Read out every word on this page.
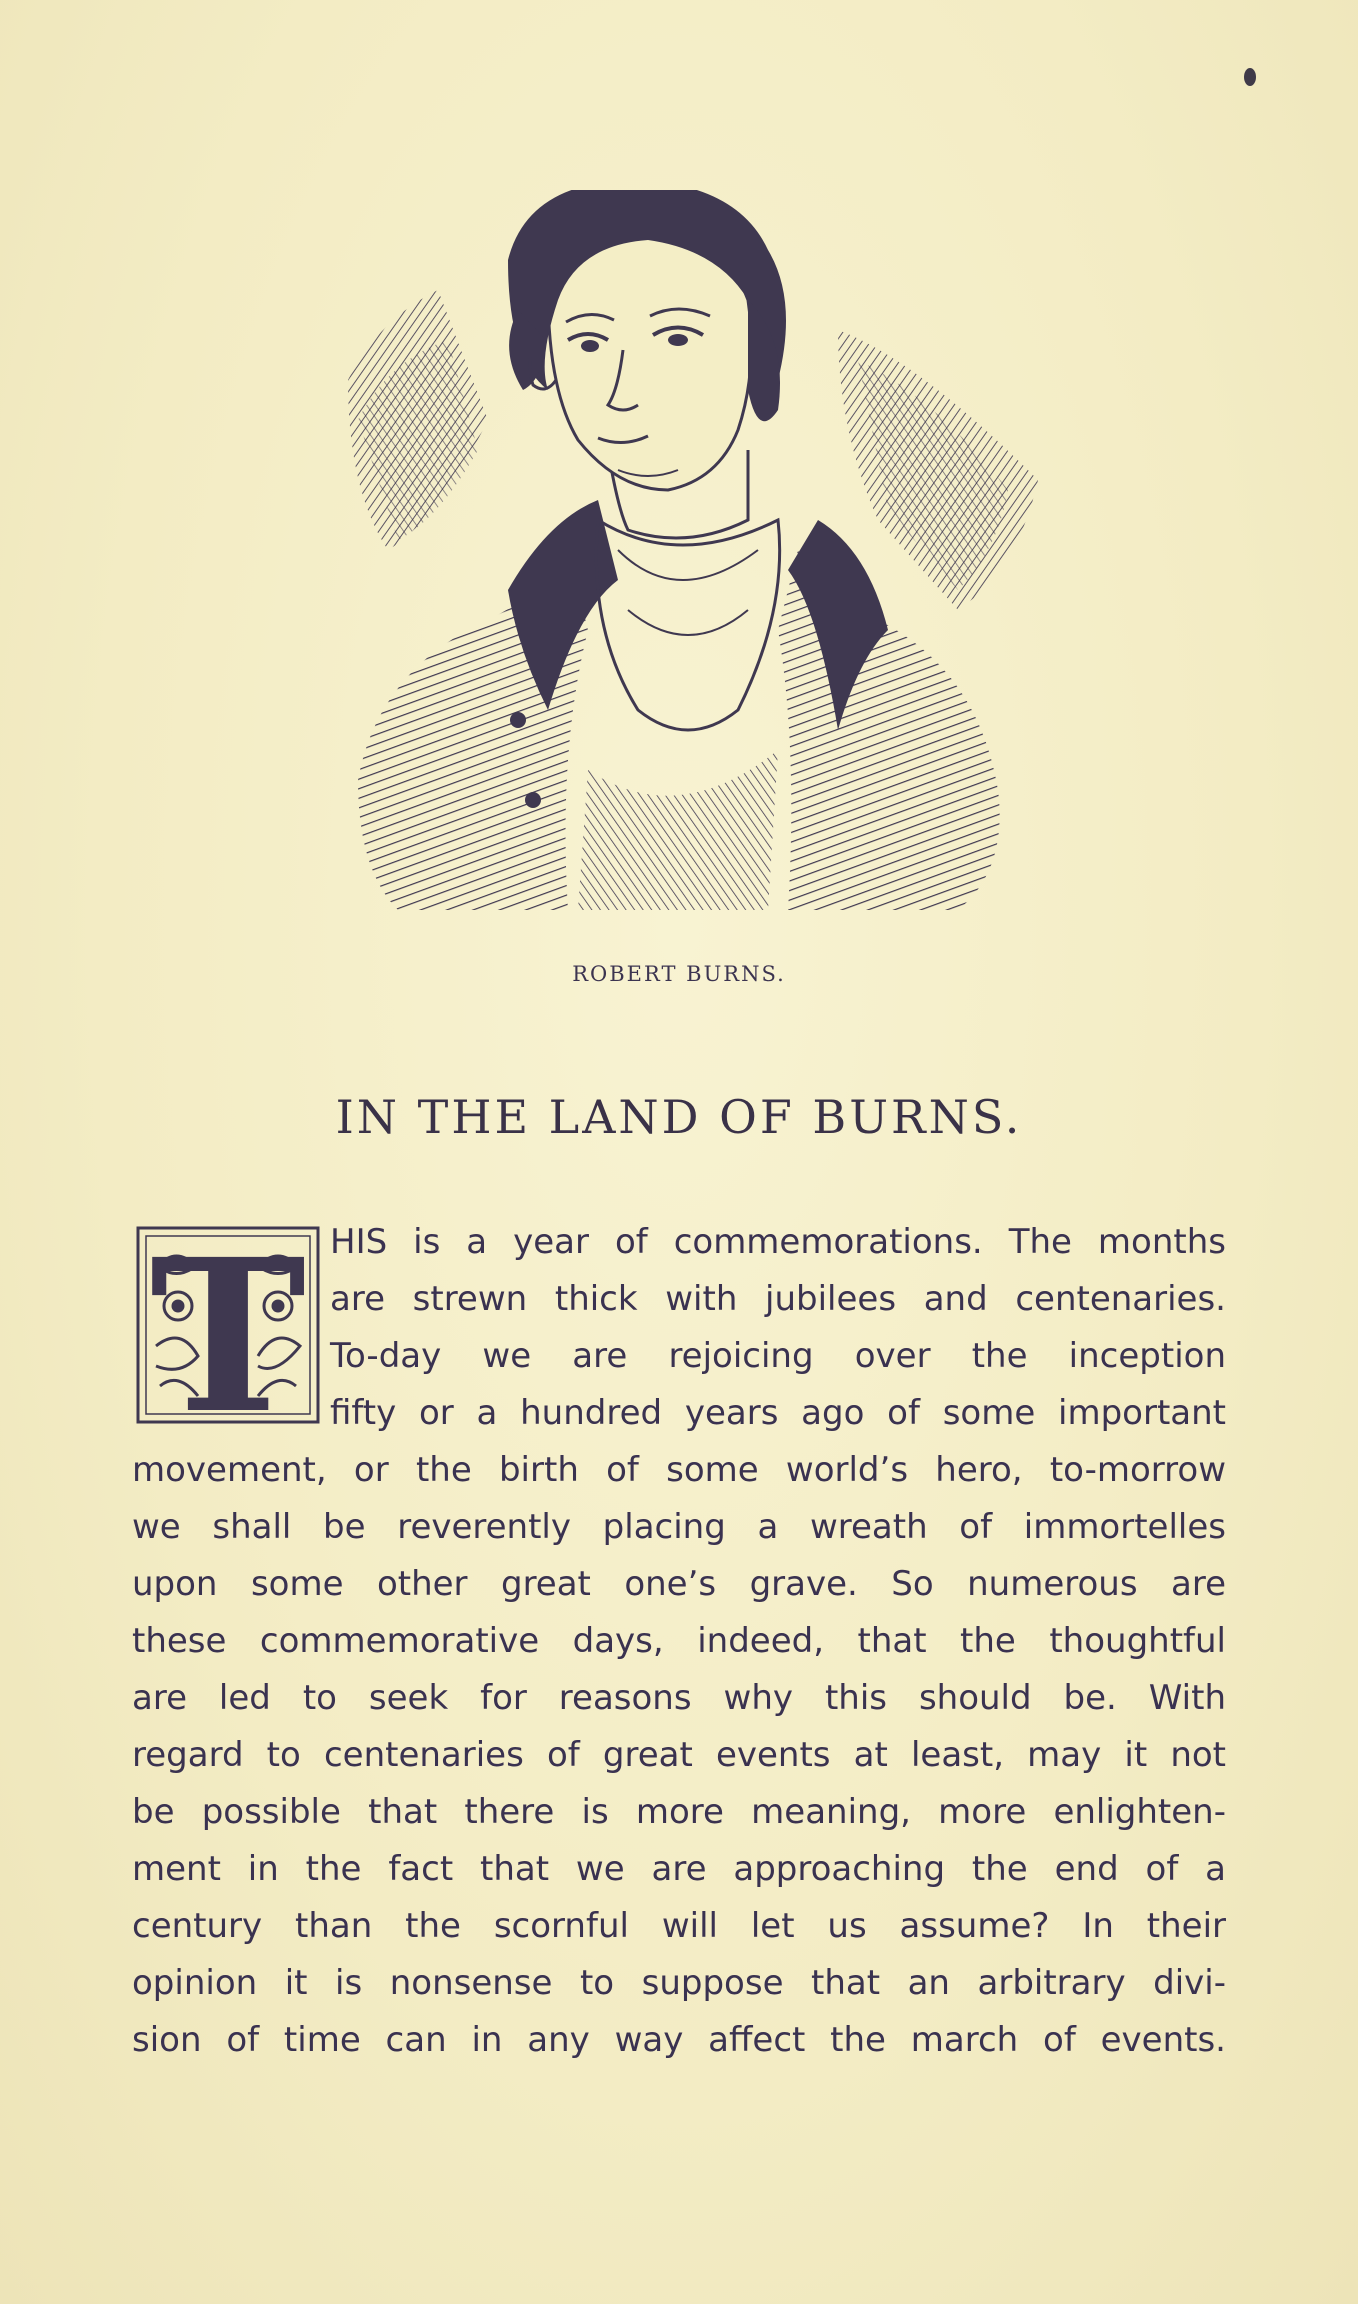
ROBERT BURNS.
IN THE LAND OF BURNS.
T HIS is a year of commemorations. The months
are strewn thick with jubilees and centenaries.
To-day we are rejoicing over the inception
fifty or a hundred years ago of some important
movement, or the birth of some world’s hero, to-morrow
we shall be reverently placing a wreath of immortelles
upon some other great one’s grave. So numerous are
these commemorative days, indeed, that the thoughtful
are led to seek for reasons why this should be. With
regard to centenaries of great events at least, may it not
be possible that there is more meaning, more enlighten-
ment in the fact that we are approaching the end of a
century than the scornful will let us assume? In their
opinion it is nonsense to suppose that an arbitrary divi-
sion of time can in any way affect the march of events.
